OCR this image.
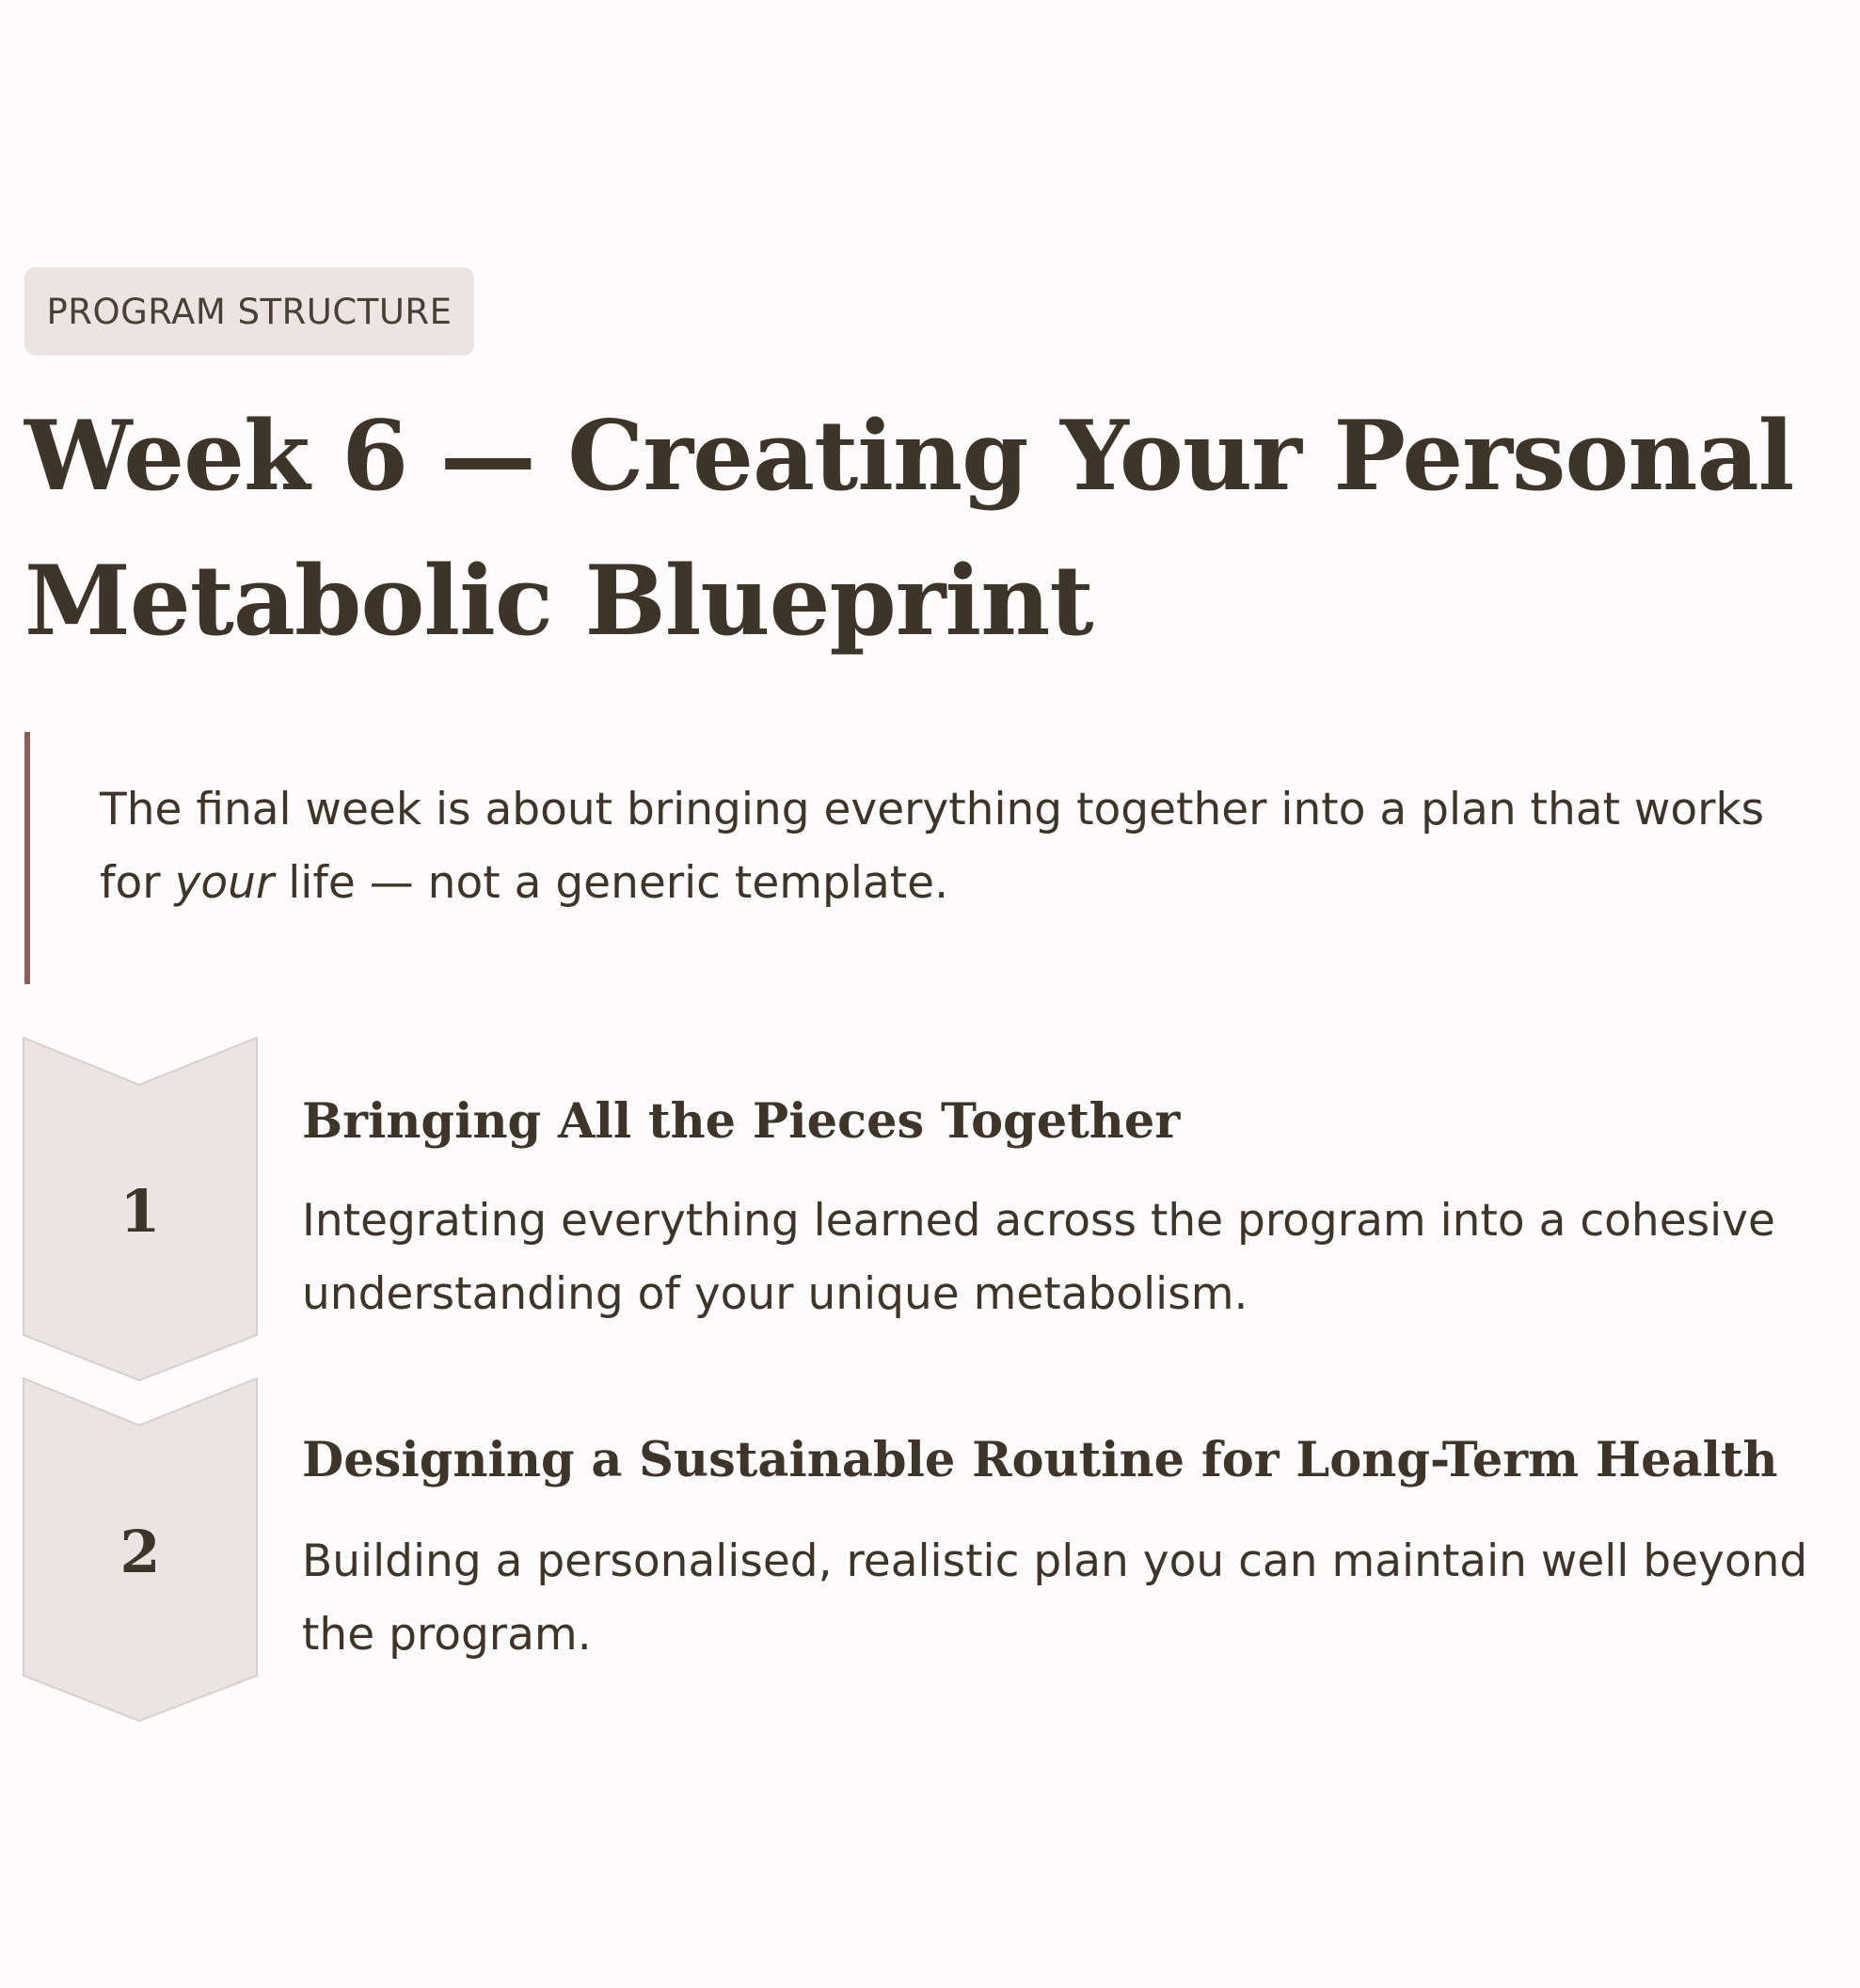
PROGRAM STRUCTURE
Week 6 — Creating Your Personal
Metabolic Blueprint

The final week is about bringing everything together into a plan that works for your life — not a generic template.

1
Bringing All the Pieces Together

Integrating everything learned across the program into a cohesive understanding of your unique metabolism.

2
Designing a Sustainable Routine for Long-Term Health

Building a personalised, realistic plan you can maintain well beyond the program.
